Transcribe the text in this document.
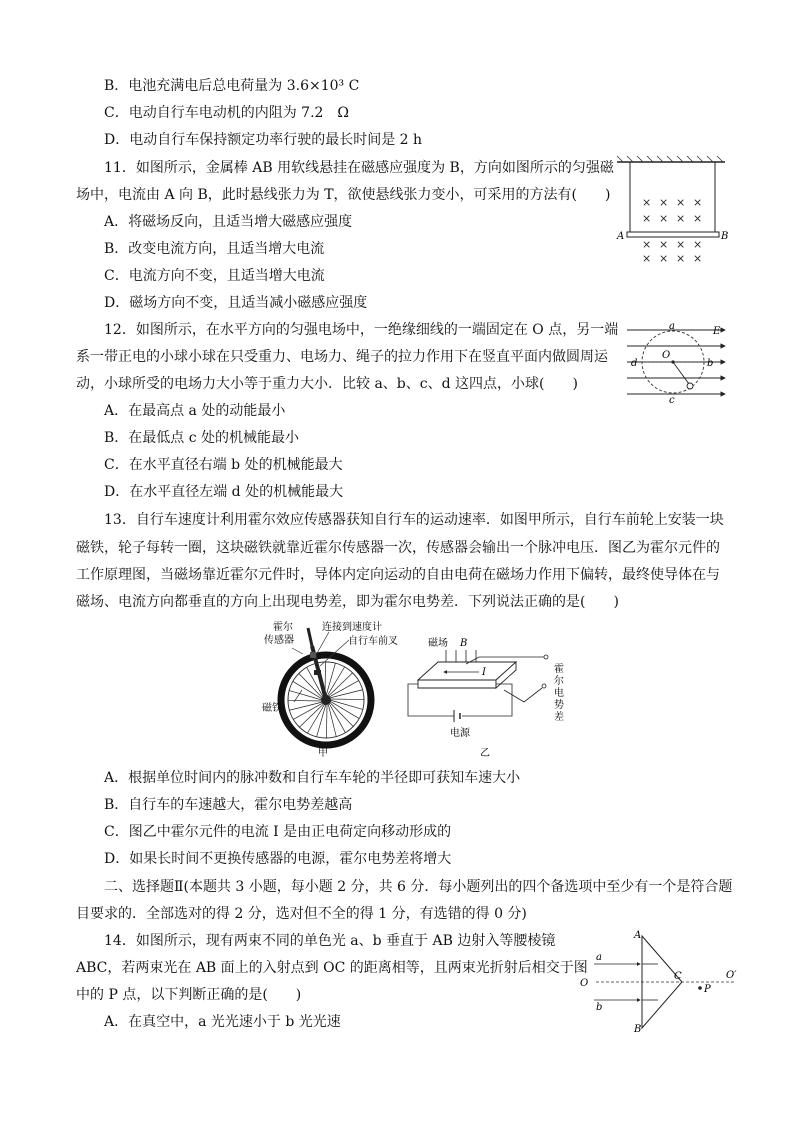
B．电池充满电后总电荷量为 3.6×10³ C
C．电动自行车电动机的内阻为 7.2　Ω
D．电动自行车保持额定功率行驶的最长时间是 2 h
11．如图所示，金属棒 AB 用软线悬挂在磁感应强度为 B，方向如图所示的匀强磁
场中，电流由 A 向 B，此时悬线张力为 T，欲使悬线张力变小，可采用的方法有(　　)
A．将磁场反向，且适当增大磁感应强度
B．改变电流方向，且适当增大电流
C．电流方向不变，且适当增大电流
D．磁场方向不变，且适当减小磁感应强度
A	B
× × × ×
× × × ×
× × × ×
× × × ×
12．如图所示，在水平方向的匀强电场中，一绝缘细线的一端固定在 O 点，另一端
系一带正电的小球小球在只受重力、电场力、绳子的拉力作用下在竖直平面内做圆周运
动，小球所受的电场力大小等于重力大小．比较 a、b、c、d 这四点，小球(　　)
A．在最高点 a 处的动能最小
B．在最低点 c 处的机械能最小
C．在水平直径右端 b 处的机械能最大
D．在水平直径左端 d 处的机械能最大
a
b
c
d
O
E
13．自行车速度计利用霍尔效应传感器获知自行车的运动速率．如图甲所示，自行车前轮上安装一块
磁铁，轮子每转一圈，这块磁铁就靠近霍尔传感器一次，传感器会输出一个脉冲电压．图乙为霍尔元件的
工作原理图，当磁场靠近霍尔元件时，导体内定向运动的自由电荷在磁场力作用下偏转，最终使导体在与
磁场、电流方向都垂直的方向上出现电势差，即为霍尔电势差．下列说法正确的是(　　)
霍尔
传感器
连接到速度计
自行车前叉
磁铁
甲
磁场 B
I
电源
霍
尔
电
势
差
乙
A．根据单位时间内的脉冲数和自行车车轮的半径即可获知车速大小
B．自行车的车速越大，霍尔电势差越高
C．图乙中霍尔元件的电流 I 是由正电荷定向移动形成的
D．如果长时间不更换传感器的电源，霍尔电势差将增大
二、选择题Ⅱ(本题共 3 小题，每小题 2 分，共 6 分．每小题列出的四个备选项中至少有一个是符合题
目要求的．全部选对的得 2 分，选对但不全的得 1 分，有选错的得 0 分)
14．如图所示，现有两束不同的单色光 a、b 垂直于 AB 边射入等腰棱镜
ABC，若两束光在 AB 面上的入射点到 OC 的距离相等，且两束光折射后相交于图
中的 P 点，以下判断正确的是(　　)
A．在真空中，a 光光速小于 b 光光速
A
B
C
O
O′
P
a
b
